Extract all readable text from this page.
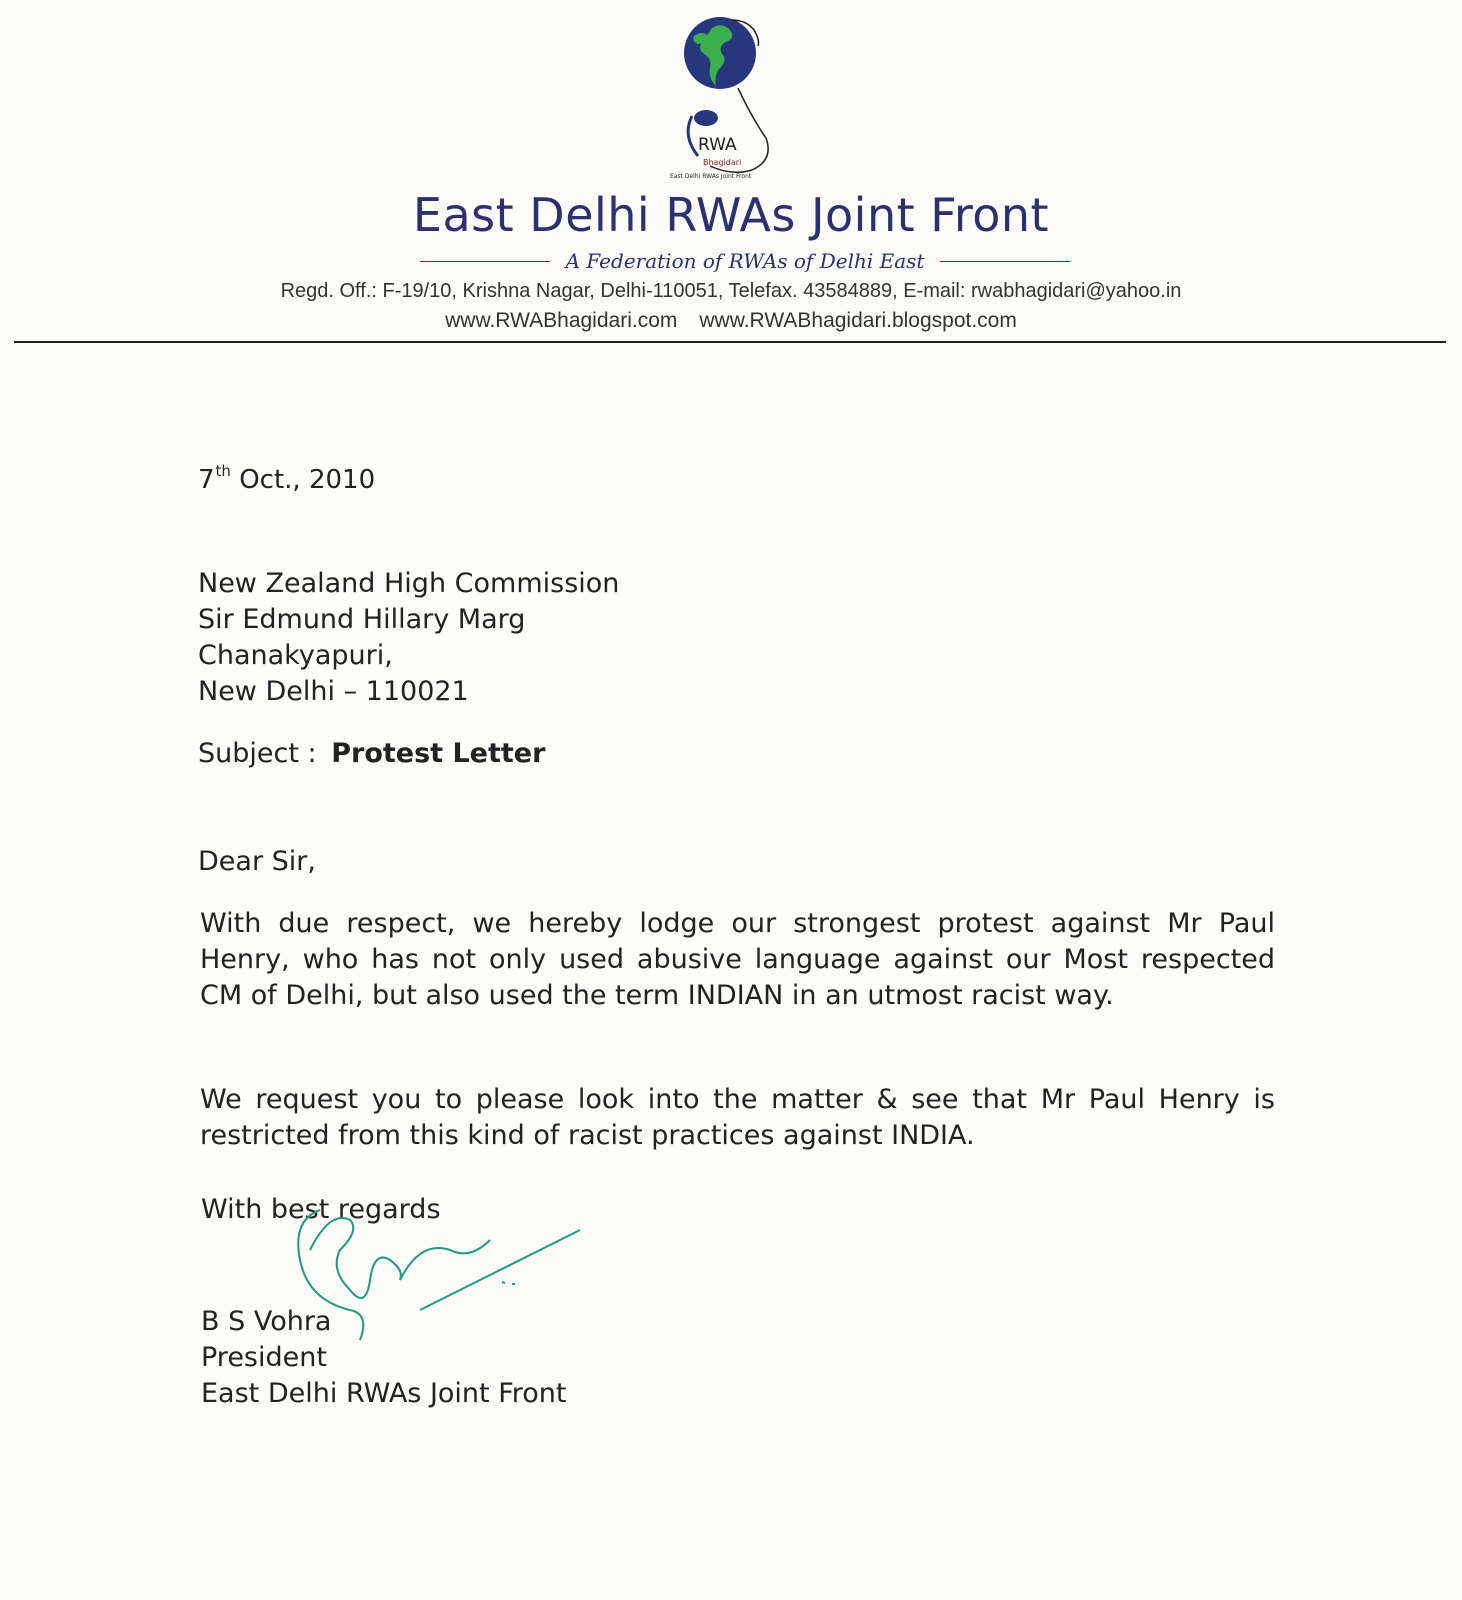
RWA
Bhagidari
East Delhi RWAs Joint Front
East Delhi RWAs Joint Front
A Federation of RWAs of Delhi East
Regd. Off.: F-19/10, Krishna Nagar, Delhi-110051, Telefax. 43584889, E-mail: rwabhagidari@yahoo.in
www.RWABhagidari.com www.RWABhagidari.blogspot.com
7th Oct., 2010
New Zealand High Commission
Sir Edmund Hillary Marg
Chanakyapuri,
New Delhi – 110021
Subject : Protest Letter
Dear Sir,
With due respect, we hereby lodge our strongest protest against Mr Paul Henry, who has not only used abusive language against our Most respected CM of Delhi, but also used the term INDIAN in an utmost racist way.
We request you to please look into the matter & see that Mr Paul Henry is restricted from this kind of racist practices against INDIA.
With best regards
B S Vohra
President
East Delhi RWAs Joint Front
